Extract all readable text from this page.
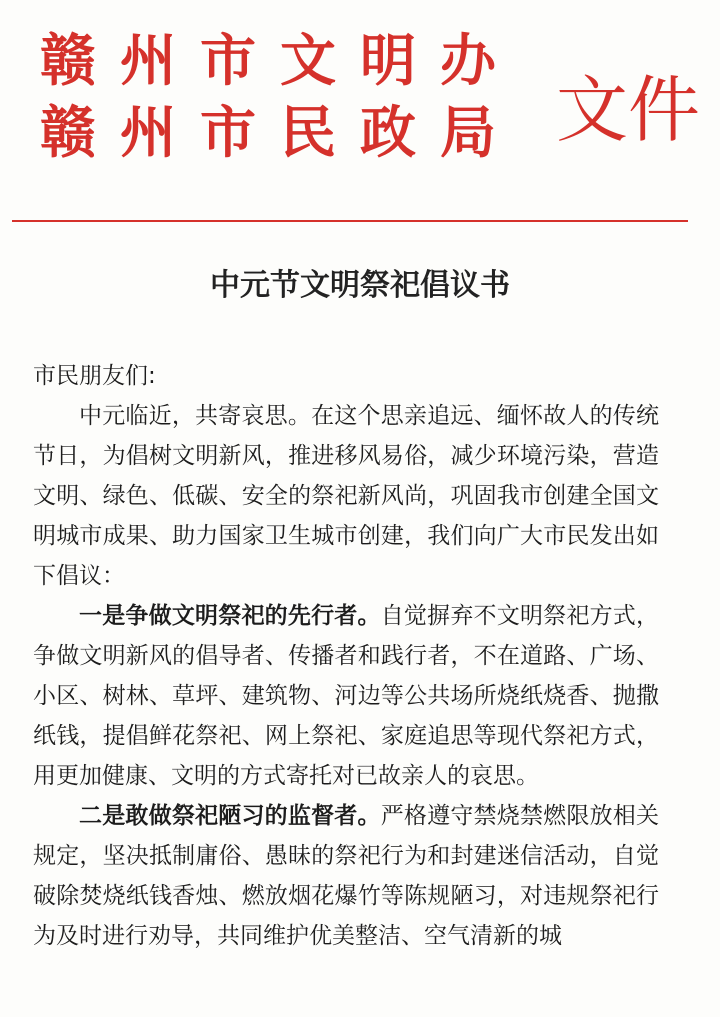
赣州市文明办
赣州市民政局 文件
中元节文明祭祀倡议书

市民朋友们:

中元临近，共寄哀思。在这个思亲追远、缅怀故人的传统节日，为倡树文明新风，推进移风易俗，减少环境污染，营造文明、绿色、低碳、安全的祭祀新风尚，巩固我市创建全国文明城市成果、助力国家卫生城市创建，我们向广大市民发出如下倡议：

一是争做文明祭祀的先行者。自觉摒弃不文明祭祀方式，争做文明新风的倡导者、传播者和践行者，不在道路、广场、小区、树林、草坪、建筑物、河边等公共场所烧纸烧香、抛撒纸钱，提倡鲜花祭祀、网上祭祀、家庭追思等现代祭祀方式，用更加健康、文明的方式寄托对已故亲人的哀思。

二是敢做祭祀陋习的监督者。严格遵守禁烧禁燃限放相关规定，坚决抵制庸俗、愚昧的祭祀行为和封建迷信活动，自觉破除焚烧纸钱香烛、燃放烟花爆竹等陈规陋习，对违规祭祀行为及时进行劝导，共同维护优美整洁、空气清新的城
